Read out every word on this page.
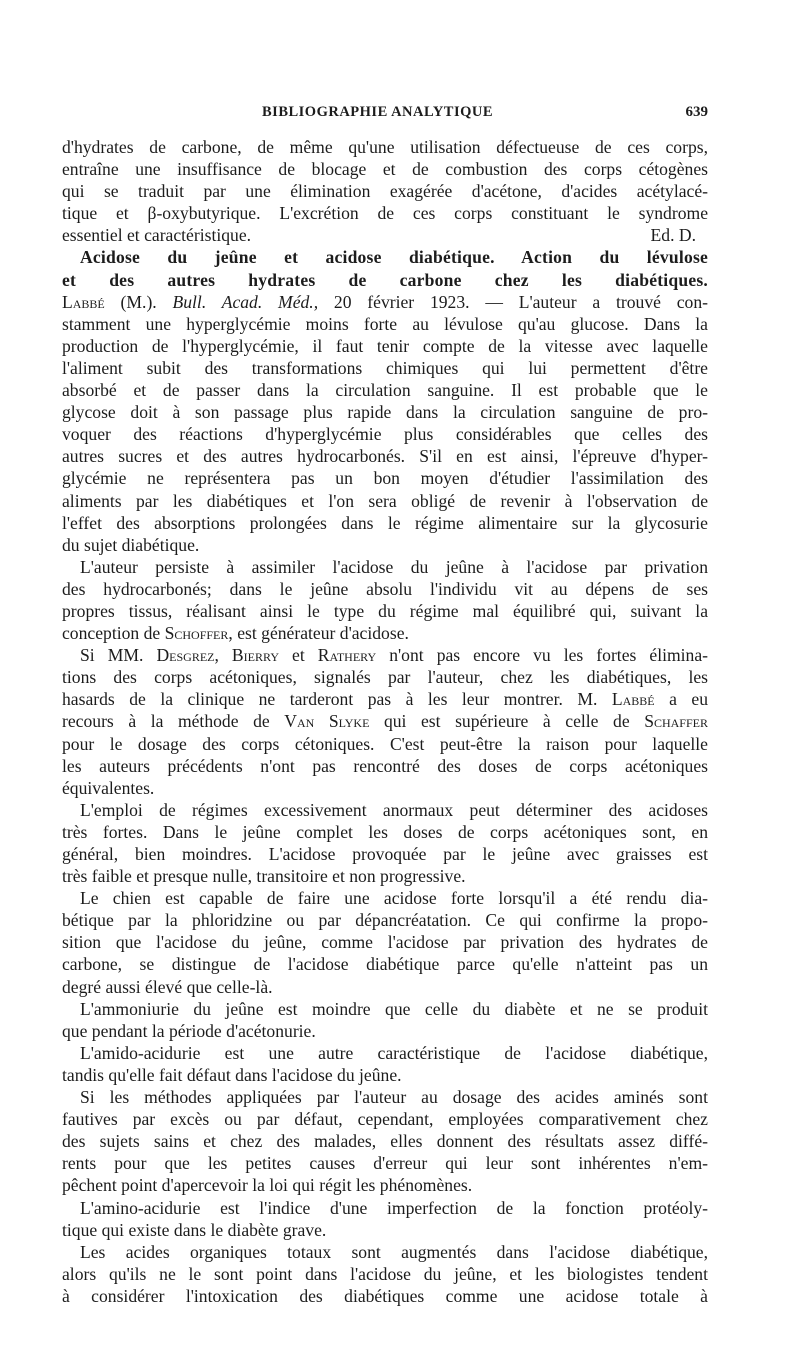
BIBLIOGRAPHIE ANALYTIQUE	639
d'hydrates de carbone, de même qu'une utilisation défectueuse de ces corps,
entraîne une insuffisance de blocage et de combustion des corps cétogènes
qui se traduit par une élimination exagérée d'acétone, d'acides acétylacé-
tique et β-oxybutyrique. L'excrétion de ces corps constituant le syndrome
essentiel et caractéristique.	Ed. D.
Acidose du jeûne et acidose diabétique. Action du lévulose
et des autres hydrates de carbone chez les diabétiques.
Labbé (M.). Bull. Acad. Méd., 20 février 1923. — L'auteur a trouvé con-
stamment une hyperglycémie moins forte au lévulose qu'au glucose. Dans la
production de l'hyperglycémie, il faut tenir compte de la vitesse avec laquelle
l'aliment subit des transformations chimiques qui lui permettent d'être
absorbé et de passer dans la circulation sanguine. Il est probable que le
glycose doit à son passage plus rapide dans la circulation sanguine de pro-
voquer des réactions d'hyperglycémie plus considérables que celles des
autres sucres et des autres hydrocarbonés. S'il en est ainsi, l'épreuve d'hyper-
glycémie ne représentera pas un bon moyen d'étudier l'assimilation des
aliments par les diabétiques et l'on sera obligé de revenir à l'observation de
l'effet des absorptions prolongées dans le régime alimentaire sur la glycosurie
du sujet diabétique.
L'auteur persiste à assimiler l'acidose du jeûne à l'acidose par privation
des hydrocarbonés; dans le jeûne absolu l'individu vit au dépens de ses
propres tissus, réalisant ainsi le type du régime mal équilibré qui, suivant la
conception de Schoffer, est générateur d'acidose.
Si MM. Desgrez, Bierry et Rathery n'ont pas encore vu les fortes élimina-
tions des corps acétoniques, signalés par l'auteur, chez les diabétiques, les
hasards de la clinique ne tarderont pas à les leur montrer. M. Labbé a eu
recours à la méthode de Van Slyke qui est supérieure à celle de Schaffer
pour le dosage des corps cétoniques. C'est peut-être la raison pour laquelle
les auteurs précédents n'ont pas rencontré des doses de corps acétoniques
équivalentes.
L'emploi de régimes excessivement anormaux peut déterminer des acidoses
très fortes. Dans le jeûne complet les doses de corps acétoniques sont, en
général, bien moindres. L'acidose provoquée par le jeûne avec graisses est
très faible et presque nulle, transitoire et non progressive.
Le chien est capable de faire une acidose forte lorsqu'il a été rendu dia-
bétique par la phloridzine ou par dépancréatation. Ce qui confirme la propo-
sition que l'acidose du jeûne, comme l'acidose par privation des hydrates de
carbone, se distingue de l'acidose diabétique parce qu'elle n'atteint pas un
degré aussi élevé que celle-là.
L'ammoniurie du jeûne est moindre que celle du diabète et ne se produit
que pendant la période d'acétonurie.
L'amido-acidurie est une autre caractéristique de l'acidose diabétique,
tandis qu'elle fait défaut dans l'acidose du jeûne.
Si les méthodes appliquées par l'auteur au dosage des acides aminés sont
fautives par excès ou par défaut, cependant, employées comparativement chez
des sujets sains et chez des malades, elles donnent des résultats assez diffé-
rents pour que les petites causes d'erreur qui leur sont inhérentes n'em-
pêchent point d'apercevoir la loi qui régit les phénomènes.
L'amino-acidurie est l'indice d'une imperfection de la fonction protéoly-
tique qui existe dans le diabète grave.
Les acides organiques totaux sont augmentés dans l'acidose diabétique,
alors qu'ils ne le sont point dans l'acidose du jeûne, et les biologistes tendent
à considérer l'intoxication des diabétiques comme une acidose totale à
